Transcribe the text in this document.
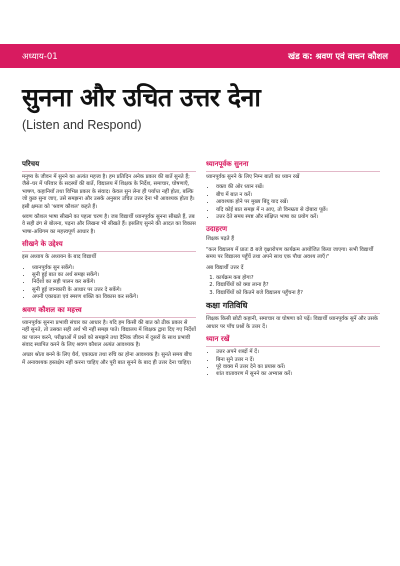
अध्याय-01	खंड क: श्रवण एवं वाचन कौशल
सुनना और उचित उत्तर देना
(Listen and Respond)
परिचय

मनुष्य के जीवन में सुनने का अत्यंत महत्त्व है। हम प्रतिदिन अनेक प्रकार की बातें सुनते हैं; जैसे–घर में परिवार के सदस्यों की बातें, विद्यालय में शिक्षक के निर्देश, समाचार, घोषणाएँ, भाषण, कहानियाँ तथा विभिन्न प्रकार के संवाद। केवल सुन लेना ही पर्याप्त नहीं होता, बल्कि जो कुछ सुना जाए, उसे समझना और उसके अनुसार उचित उत्तर देना भी आवश्यक होता है। इसी क्षमता को 'श्रवण कौशल' कहते हैं।

श्रवण कौशल भाषा सीखने का पहला चरण है। जब विद्यार्थी ध्यानपूर्वक सुनना सीखते हैं, तब वे सही ढंग से बोलना, पढ़ना और लिखना भी सीखते हैं। इसलिए सुनने की आदत का विकास भाषा-अधिगम का महत्त्वपूर्ण आधार है।

सीखने के उद्देश्य

इस अध्याय के अध्ययन के बाद विद्यार्थी

• ध्यानपूर्वक सुन सकेंगे।
• सुनी हुई बात का अर्थ समझ सकेंगे।
• निर्देशों का सही पालन कर सकेंगे।
• सुनी हुई जानकारी के आधार पर उत्तर दे सकेंगे।
• अपनी एकाग्रता एवं स्मरण शक्ति का विकास कर सकेंगे।
श्रवण कौशल का महत्त्व

ध्यानपूर्वक सुनना प्रभावी संचार का आधार है। यदि हम किसी की बात को ठीक प्रकार से नहीं सुनते, तो उसका सही अर्थ भी नहीं समझ पाते। विद्यालय में शिक्षक द्वारा दिए गए निर्देशों का पालन करने, परीक्षाओं में प्रश्नों को समझने तथा दैनिक जीवन में दूसरों के साथ प्रभावी संवाद स्थापित करने के लिए श्रवण कौशल अत्यंत आवश्यक है।

अच्छा श्रोता बनने के लिए धैर्य, एकाग्रता तथा रुचि का होना आवश्यक है। सुनते समय बीच में अनावश्यक हस्तक्षेप नहीं करना चाहिए और पूरी बात सुनने के बाद ही उत्तर देना चाहिए।

ध्यानपूर्वक सुनना

ध्यानपूर्वक सुनने के लिए निम्न बातों का ध्यान रखें

• वक्ता की ओर ध्यान रखें।
• बीच में बात न करें।
• आवश्यक होने पर मुख्य बिंदु याद रखें।
• यदि कोई बात समझ में न आए, तो विनम्रता से दोबारा पूछें।
• उत्तर देते समय स्पष्ट और संक्षिप्त भाषा का प्रयोग करें।
उदाहरण

शिक्षक पढ़ते हैं

"कल विद्यालय में प्रातः 8 बजे वृक्षारोपण कार्यक्रम आयोजित किया जाएगा। सभी विद्यार्थी समय पर विद्यालय पहुँचें तथा अपने साथ एक पौधा अवश्य लाएँ।"

अब विद्यार्थी उत्तर दें

1. कार्यक्रम कब होगा?
2. विद्यार्थियों को क्या लाना है?
3. विद्यार्थियों को कितने बजे विद्यालय पहुँचना है?
कक्षा गतिविधि

शिक्षक किसी छोटी कहानी, समाचार या घोषणा को पढ़ें। विद्यार्थी ध्यानपूर्वक सुनें और उसके आधार पर पाँच प्रश्नों के उत्तर दें।

ध्यान रखें
• उत्तर अपने शब्दों में दें।
• बिना सुने उत्तर न दें।
• पूरे वाक्य में उत्तर देने का प्रयास करें।
• शांत वातावरण में सुनने का अभ्यास करें।
